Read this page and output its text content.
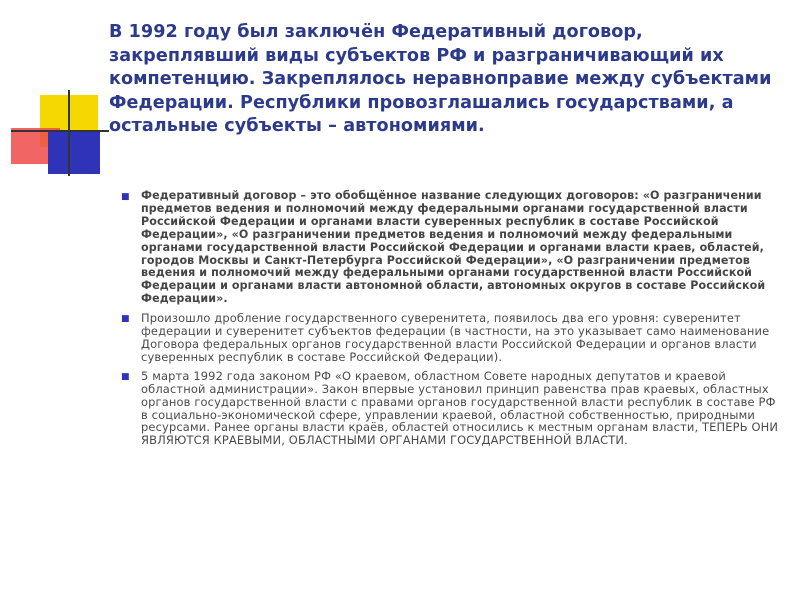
В 1992 году был заключён Федеративный договор, закреплявший виды субъектов РФ и разграничивающий их компетенцию. Закреплялось неравноправие между субъектами Федерации. Республики провозглашались государствами, а остальные субъекты – автономиями.
■ Федеративный договор – это обобщённое название следующих договоров: «О разграничении предметов ведения и полномочий между федеральными органами государственной власти Российской Федерации и органами власти суверенных республик в составе Российской Федерации», «О разграничении предметов ведения и полномочий между федеральными органами государственной власти Российской Федерации и органами власти краев, областей, городов Москвы и Санкт-Петербурга Российской Федерации», «О разграничении предметов ведения и полномочий между федеральными органами государственной власти Российской Федерации и органами власти автономной области, автономных округов в составе Российской Федерации».
■ Произошло дробление государственного суверенитета, появилось два его уровня: суверенитет федерации и суверенитет субъектов федерации (в частности, на это указывает само наименование Договора федеральных органов государственной власти Российской Федерации и органов власти суверенных республик в составе Российской Федерации).
■ 5 марта 1992 года законом РФ «О краевом, областном Совете народных депутатов и краевой областной администрации». Закон впервые установил принцип равенства прав краевых, областных органов государственной власти с правами органов государственной власти республик в составе РФ в социально-экономической сфере, управлении краевой, областной собственностью, природными ресурсами. Ранее органы власти краёв, областей относились к местным органам власти, ТЕПЕРЬ ОНИ ЯВЛЯЮТСЯ КРАЕВЫМИ, ОБЛАСТНЫМИ ОРГАНАМИ ГОСУДАРСТВЕННОЙ ВЛАСТИ.
